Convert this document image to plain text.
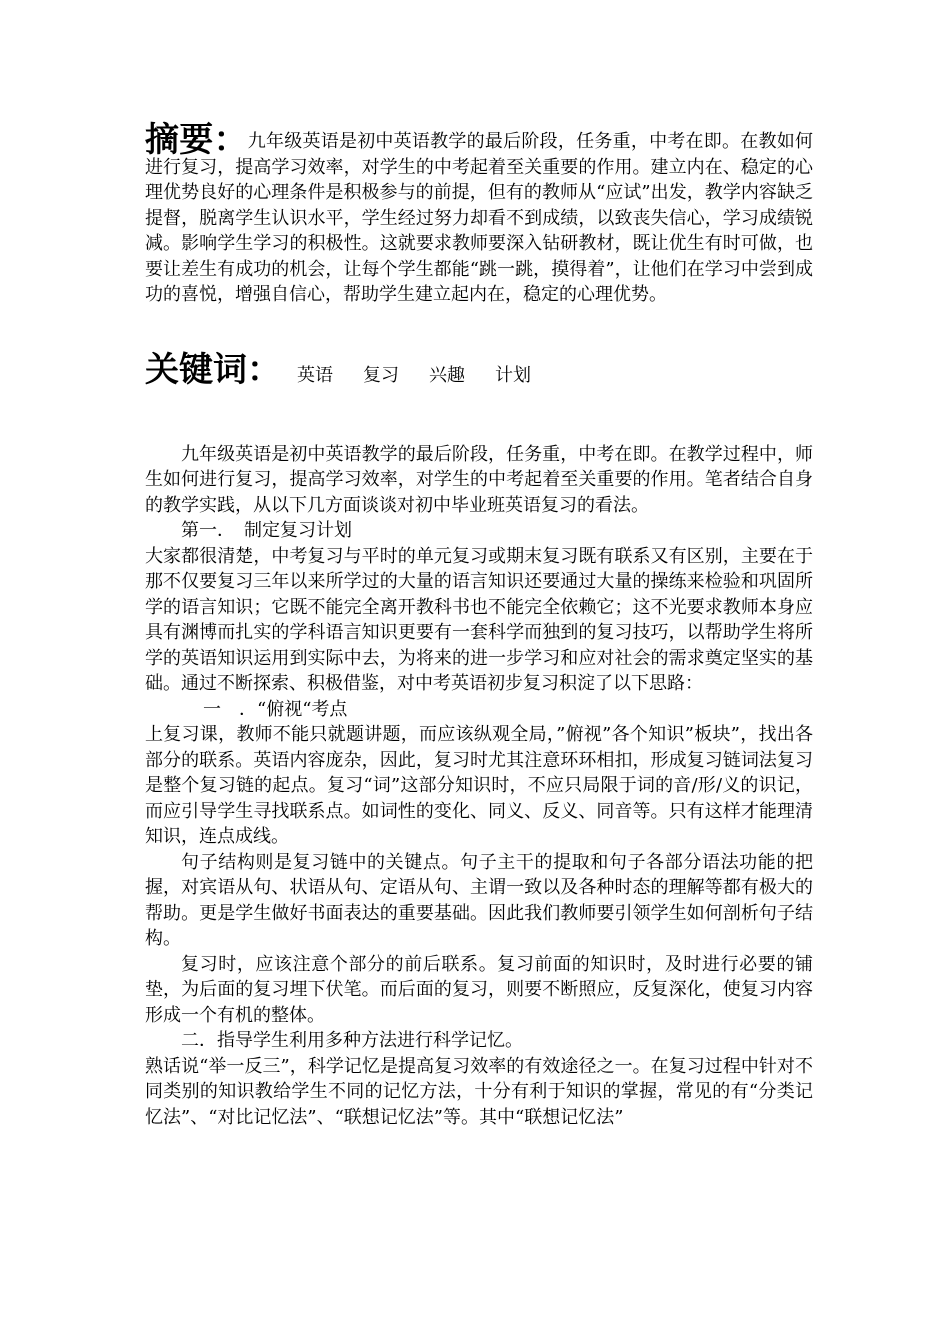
摘要：九年级英语是初中英语教学的最后阶段，任务重，中考在即。在教如何进行复习，提高学习效率，对学生的中考起着至关重要的作用。建立内在、稳定的心理优势良好的心理条件是积极参与的前提，但有的教师从“应试”出发，教学内容缺乏提督，脱离学生认识水平，学生经过努力却看不到成绩，以致丧失信心，学习成绩锐减。影响学生学习的积极性。这就要求教师要深入钻研教材，既让优生有时可做，也要让差生有成功的机会，让每个学生都能“跳一跳，摸得着”，让他们在学习中尝到成功的喜悦，增强自信心，帮助学生建立起内在，稳定的心理优势。

关键词： 英语 复习 兴趣 计划

九年级英语是初中英语教学的最后阶段，任务重，中考在即。在教学过程中，师生如何进行复习，提高学习效率，对学生的中考起着至关重要的作用。笔者结合自身的教学实践，从以下几方面谈谈对初中毕业班英语复习的看法。

第一．　制定复习计划

大家都很清楚，中考复习与平时的单元复习或期末复习既有联系又有区别，主要在于那不仅要复习三年以来所学过的大量的语言知识还要通过大量的操练来检验和巩固所学的语言知识；它既不能完全离开教科书也不能完全依赖它；这不光要求教师本身应具有渊博而扎实的学科语言知识更要有一套科学而独到的复习技巧，以帮助学生将所学的英语知识运用到实际中去，为将来的进一步学习和应对社会的需求奠定坚实的基础。通过不断探索、积极借鉴，对中考英语初步复习积淀了以下思路：

一　．“俯视“考点

上复习课，教师不能只就题讲题，而应该纵观全局，”俯视”各个知识”板块”，找出各部分的联系。英语内容庞杂，因此，复习时尤其注意环环相扣，形成复习链词法复习是整个复习链的起点。复习“词”这部分知识时，不应只局限于词的音/形/义的识记，而应引导学生寻找联系点。如词性的变化、同义、反义、同音等。只有这样才能理清知识，连点成线。

句子结构则是复习链中的关键点。句子主干的提取和句子各部分语法功能的把握，对宾语从句、状语从句、定语从句、主谓一致以及各种时态的理解等都有极大的帮助。更是学生做好书面表达的重要基础。因此我们教师要引领学生如何剖析句子结构。

复习时，应该注意个部分的前后联系。复习前面的知识时，及时进行必要的铺垫，为后面的复习埋下伏笔。而后面的复习，则要不断照应，反复深化，使复习内容形成一个有机的整体。

二．指导学生利用多种方法进行科学记忆。

熟话说“举一反三”，科学记忆是提高复习效率的有效途径之一。在复习过程中针对不同类别的知识教给学生不同的记忆方法，十分有利于知识的掌握，常见的有“分类记忆法”、“对比记忆法”、“联想记忆法”等。其中“联想记忆法”
